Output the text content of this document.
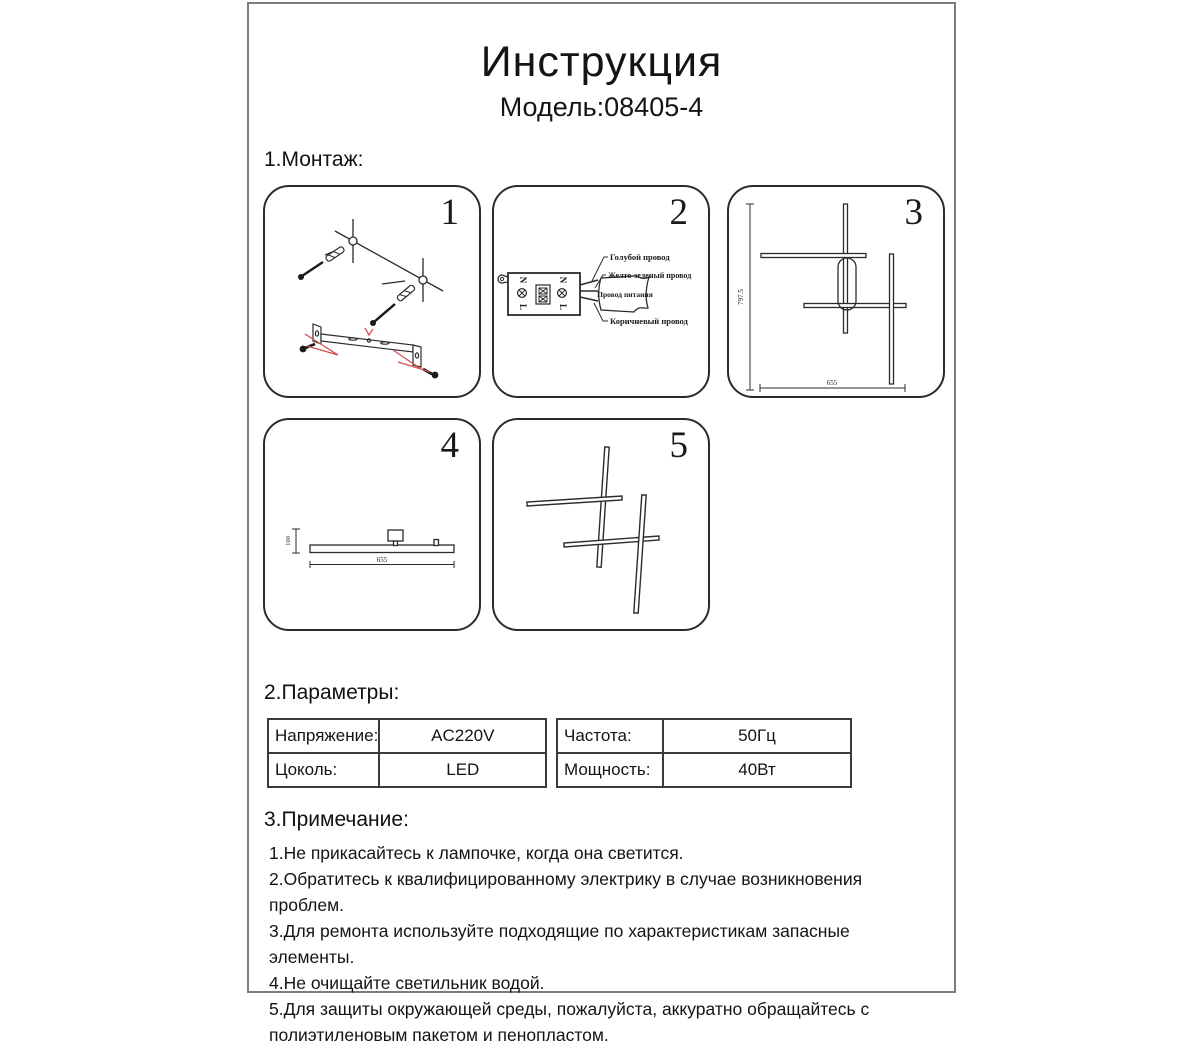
Инструкция
Модель:08405-4
1.Монтаж:
1
N
L
N
L
Голубой провод
Желто-зеленый провод
Провод питания
Коричневый провод
2
797.5
655
3
100
655
4	5
2.Параметры:
Напряжение:	AC220V
Цоколь:	LED
Частота:	50Гц
Мощность:	40Вт
3.Примечание:
1.Не прикасайтесь к лампочке, когда она светится.
2.Обратитесь к квалифицированному электрику в случае возникновения проблем.
3.Для ремонта используйте подходящие по характеристикам запасные элементы.
4.Не очищайте светильник водой.
5.Для защиты окружающей среды, пожалуйста, аккуратно обращайтесь с полиэтиленовым пакетом и пенопластом.
